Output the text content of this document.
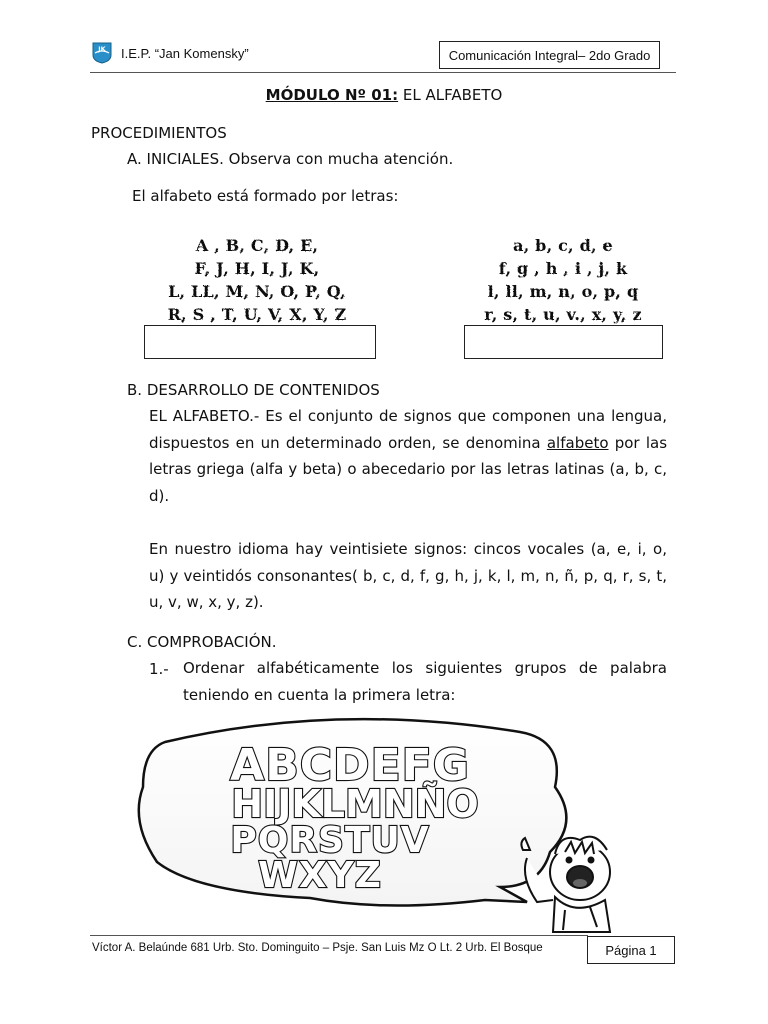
JK I.E.P. “Jan Komensky”	Comunicación Integral– 2do Grado
MÓDULO Nº 01: EL ALFABETO
PROCEDIMIENTOS
A. INICIALES. Observa con mucha atención.
El alfabeto está formado por letras:
A , B, C, D, E,
F, J, H, I, J, K,
L, LL, M, N, O, P, Q,
R, S , T, U, V, X, Y, Z
a, b, c, d, e
f, g , h , i , j, k
l, ll, m, n, o, p, q
r, s, t, u, v., x, y, z
B. DESARROLLO DE CONTENIDOS
EL ALFABETO.- Es el conjunto de signos que componen una lengua, dispuestos en un determinado orden, se denomina alfabeto por las letras griega (alfa y beta) o abecedario por las letras latinas (a, b, c, d).
En nuestro idioma hay veintisiete signos: cincos vocales (a, e, i, o, u) y veintidós consonantes( b, c, d, f, g, h, j, k, l, m, n, ñ, p, q, r, s, t, u, v, w, x, y, z).
C. COMPROBACIÓN.
1.- Ordenar alfabéticamente los siguientes grupos de palabra teniendo en cuenta la primera letra:
ABCDEFG
HIJKLMNÑO
PQRSTUV
WXYZ
Víctor A. Belaúnde 681 Urb. Sto. Dominguito – Psje. San Luis Mz O Lt. 2 Urb. El Bosque	Página 1
